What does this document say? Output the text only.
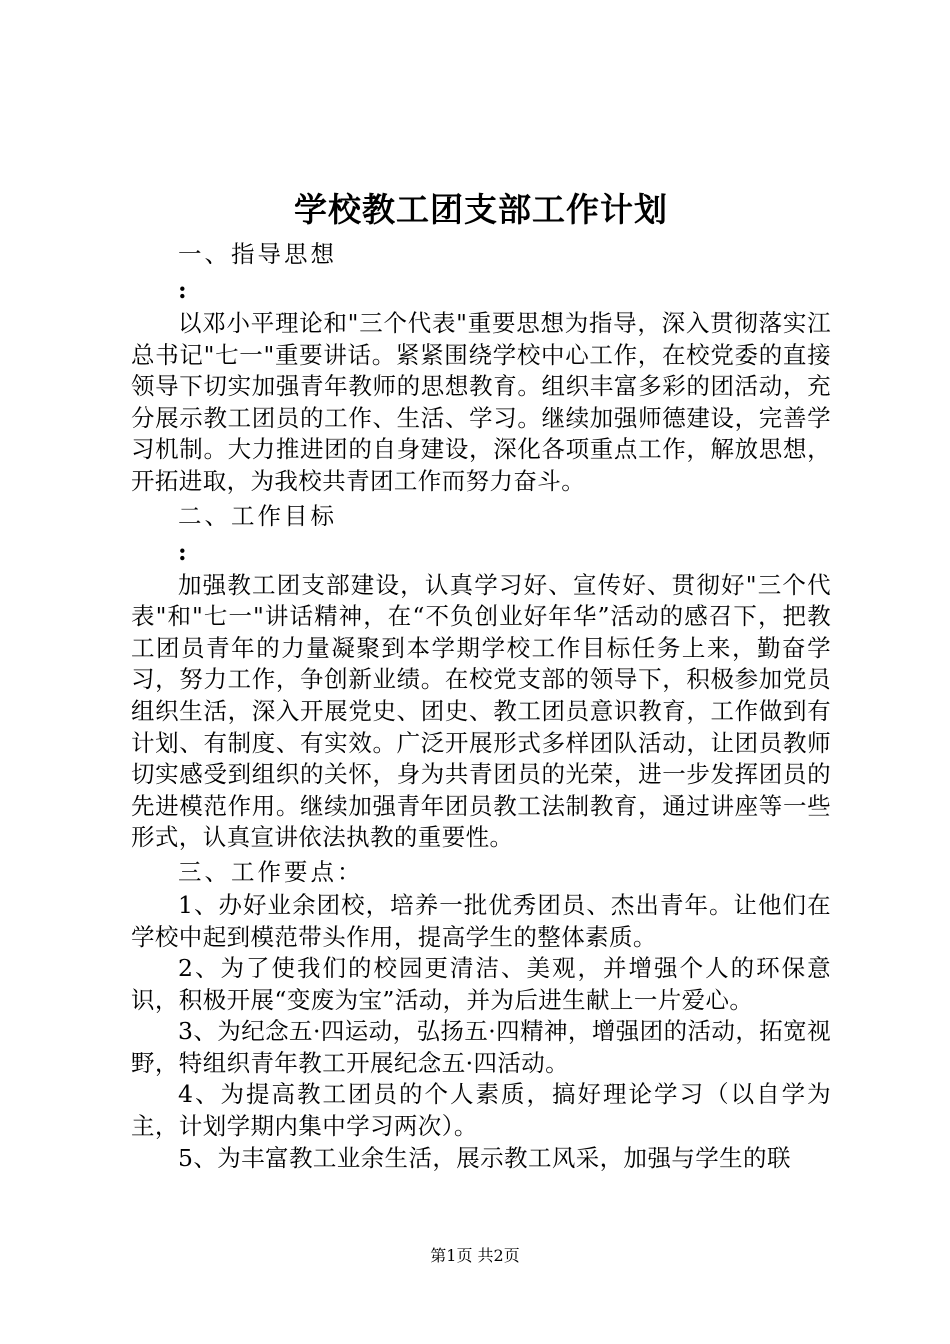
学校教工团支部工作计划

一、指导思想

:

以邓小平理论和"三个代表"重要思想为指导，深入贯彻落实江总书记"七一"重要讲话。紧紧围绕学校中心工作，在校党委的直接领导下切实加强青年教师的思想教育。组织丰富多彩的团活动，充分展示教工团员的工作、生活、学习。继续加强师德建设，完善学习机制。大力推进团的自身建设，深化各项重点工作，解放思想，开拓进取，为我校共青团工作而努力奋斗。

二、工作目标

:

加强教工团支部建设，认真学习好、宣传好、贯彻好"三个代表"和"七一"讲话精神，在“不负创业好年华”活动的感召下，把教工团员青年的力量凝聚到本学期学校工作目标任务上来，勤奋学习，努力工作，争创新业绩。在校党支部的领导下，积极参加党员组织生活，深入开展党史、团史、教工团员意识教育，工作做到有计划、有制度、有实效。广泛开展形式多样团队活动，让团员教师切实感受到组织的关怀，身为共青团员的光荣，进一步发挥团员的先进模范作用。继续加强青年团员教工法制教育，通过讲座等一些形式，认真宣讲依法执教的重要性。

三、工作要点：

1、办好业余团校，培养一批优秀团员、杰出青年。让他们在学校中起到模范带头作用，提高学生的整体素质。

2、为了使我们的校园更清洁、美观，并增强个人的环保意识，积极开展“变废为宝”活动，并为后进生献上一片爱心。

3、为纪念五·四运动，弘扬五·四精神，增强团的活动，拓宽视野，特组织青年教工开展纪念五·四活动。

4、为提高教工团员的个人素质，搞好理论学习（以自学为主，计划学期内集中学习两次）。

5、为丰富教工业余生活，展示教工风采，加强与学生的联

第1页 共2页
